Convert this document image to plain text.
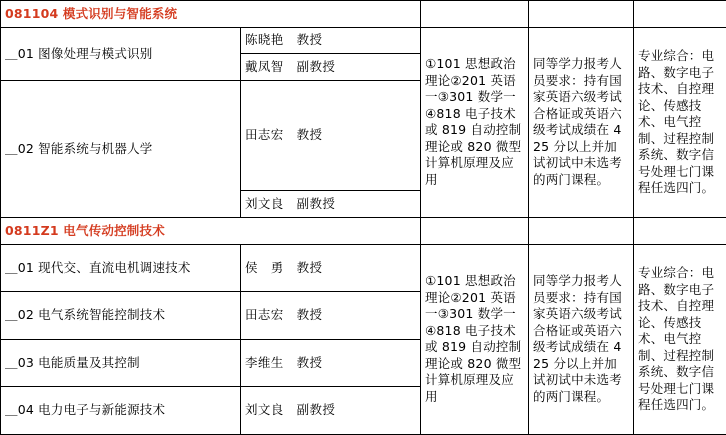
081104 模式识别与智能系统				
＿01 图像处理与模式识别	陈晓艳　教授	①101 思想政治理论②201 英语一③301 数学一④818 电子技术或 819 自动控制理论或 820 微型计算机原理及应用	同等学力报考人员要求：持有国家英语六级考试合格证或英语六级考试成绩在 425 分以上并加试初试中未选考的两门课程。	专业综合：电路、数字电子技术、自控理论、传感技术、电气控制、过程控制系统、数字信号处理七门课程任选四门。
	戴凤智　副教授			
＿02 智能系统与机器人学	田志宏　教授			
	刘文良　副教授			
0811Z1 电气传动控制技术				
＿01 现代交、直流电机调速技术	侯　勇　教授	①101 思想政治理论②201 英语一③301 数学一④818 电子技术或 819 自动控制理论或 820 微型计算机原理及应用	同等学力报考人员要求：持有国家英语六级考试合格证或英语六级考试成绩在 425 分以上并加试初试中未选考的两门课程。	专业综合：电路、数字电子技术、自控理论、传感技术、电气控制、过程控制系统、数字信号处理七门课程任选四门。
＿02 电气系统智能控制技术	田志宏　教授			
＿03 电能质量及其控制	李维生　教授			
＿04 电力电子与新能源技术	刘文良　副教授			
